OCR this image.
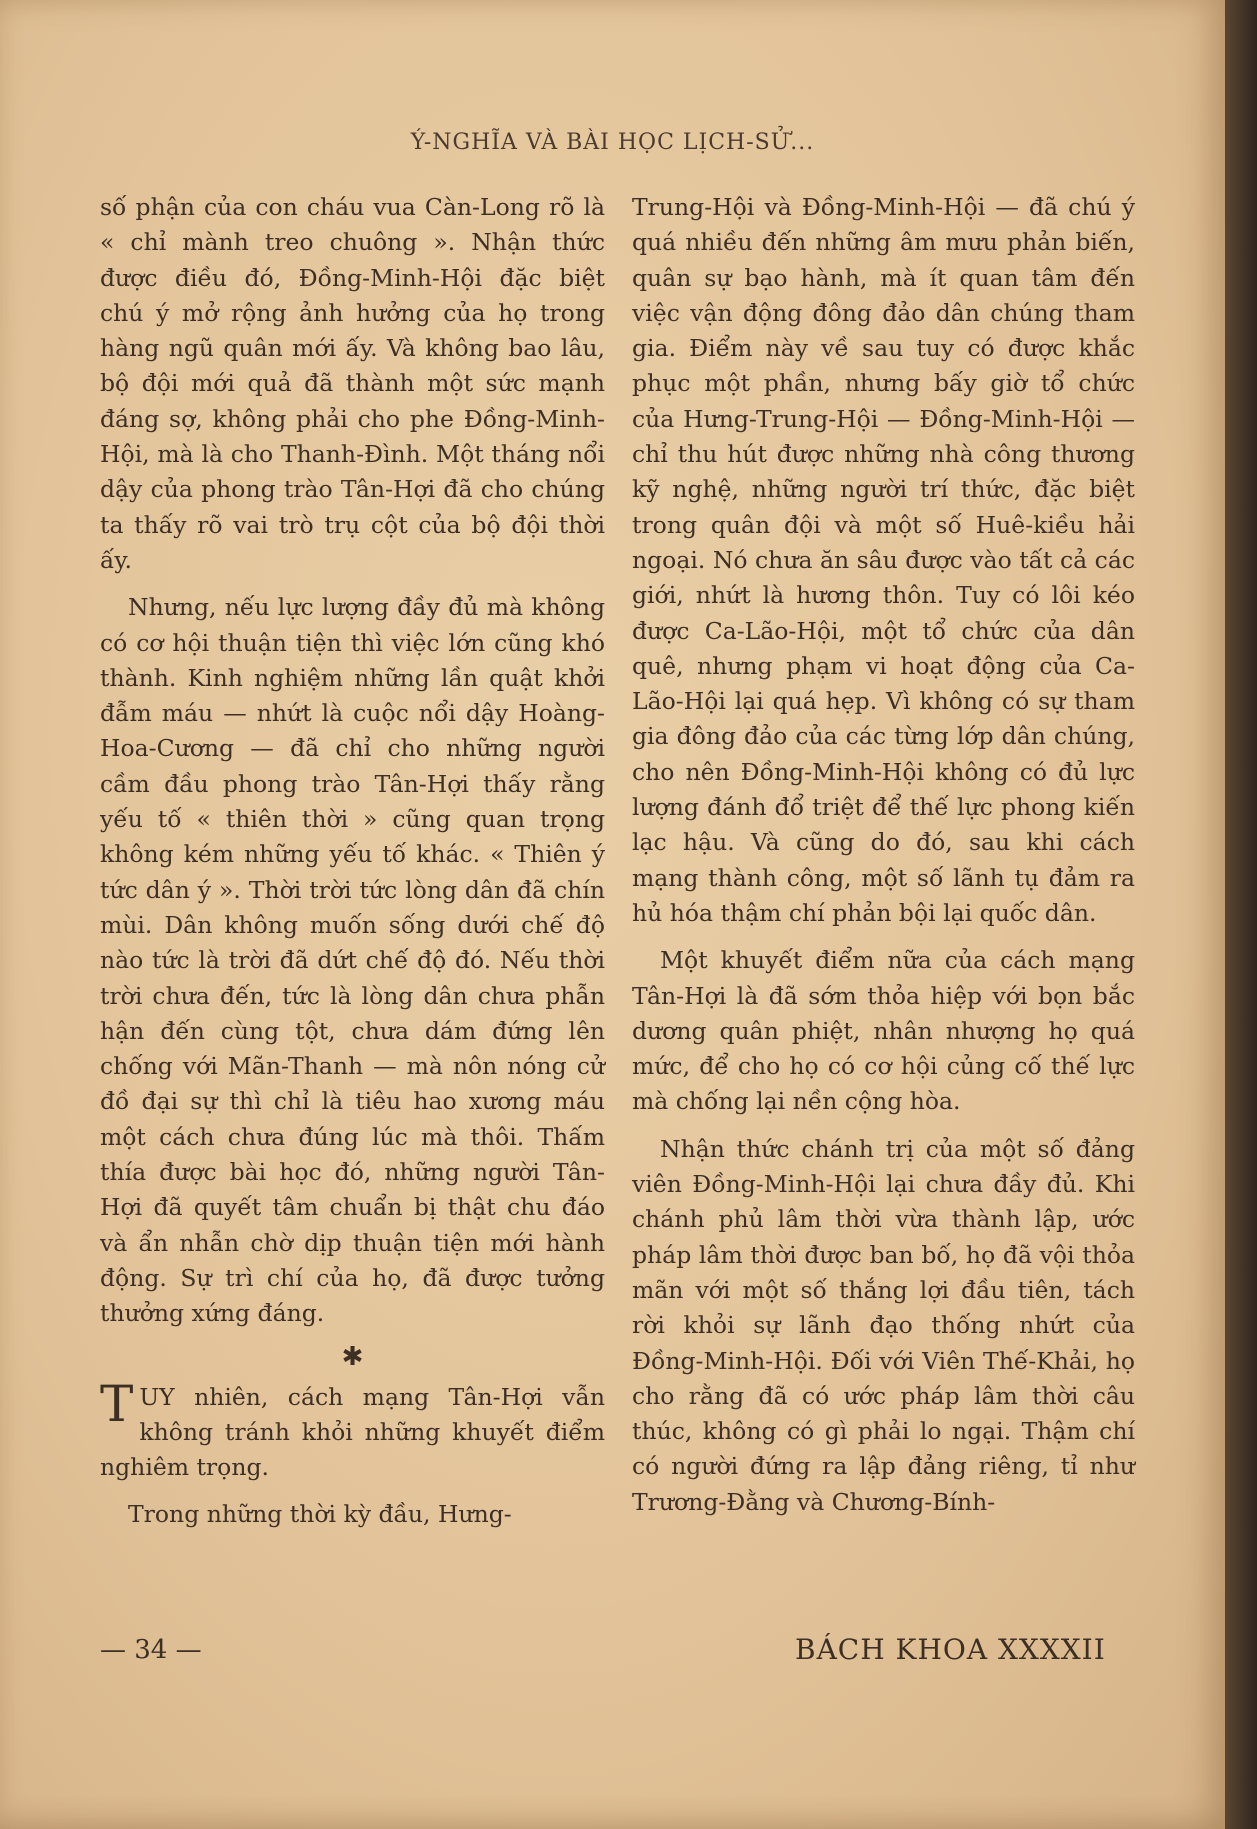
Ý-NGHĨA VÀ BÀI HỌC LỊCH-SỬ...

số phận của con cháu vua Càn-Long rõ là « chỉ mành treo chuông ». Nhận thức được điều đó, Đồng-Minh-Hội đặc biệt chú ý mở rộng ảnh hưởng của họ trong hàng ngũ quân mới ấy. Và không bao lâu, bộ đội mới quả đã thành một sức mạnh đáng sợ, không phải cho phe Đồng-Minh-Hội, mà là cho Thanh-Đình. Một tháng nổi dậy của phong trào Tân-Hợi đã cho chúng ta thấy rõ vai trò trụ cột của bộ đội thời ấy.

Nhưng, nếu lực lượng đầy đủ mà không có cơ hội thuận tiện thì việc lớn cũng khó thành. Kinh nghiệm những lần quật khởi đẫm máu — nhứt là cuộc nổi dậy Hoàng-Hoa-Cương — đã chỉ cho những người cầm đầu phong trào Tân-Hợi thấy rằng yếu tố « thiên thời » cũng quan trọng không kém những yếu tố khác. « Thiên ý tức dân ý ». Thời trời tức lòng dân đã chín mùi. Dân không muốn sống dưới chế độ nào tức là trời đã dứt chế độ đó. Nếu thời trời chưa đến, tức là lòng dân chưa phẫn hận đến cùng tột, chưa dám đứng lên chống với Mãn-Thanh — mà nôn nóng cử đồ đại sự thì chỉ là tiêu hao xương máu một cách chưa đúng lúc mà thôi. Thấm thía được bài học đó, những người Tân-Hợi đã quyết tâm chuẩn bị thật chu đáo và ẩn nhẫn chờ dịp thuận tiện mới hành động. Sự trì chí của họ, đã được tưởng thưởng xứng đáng.

✱

TUY nhiên, cách mạng Tân-Hợi vẫn không tránh khỏi những khuyết điểm nghiêm trọng.

Trong những thời kỳ đầu, Hưng-

Trung-Hội và Đồng-Minh-Hội — đã chú ý quá nhiều đến những âm mưu phản biến, quân sự bạo hành, mà ít quan tâm đến việc vận động đông đảo dân chúng tham gia. Điểm này về sau tuy có được khắc phục một phần, nhưng bấy giờ tổ chức của Hưng-Trung-Hội — Đồng-Minh-Hội — chỉ thu hút được những nhà công thương kỹ nghệ, những người trí thức, đặc biệt trong quân đội và một số Huê-kiều hải ngoại. Nó chưa ăn sâu được vào tất cả các giới, nhứt là hương thôn. Tuy có lôi kéo được Ca-Lão-Hội, một tổ chức của dân quê, nhưng phạm vi hoạt động của Ca-Lão-Hội lại quá hẹp. Vì không có sự tham gia đông đảo của các từng lớp dân chúng, cho nên Đồng-Minh-Hội không có đủ lực lượng đánh đổ triệt để thế lực phong kiến lạc hậu. Và cũng do đó, sau khi cách mạng thành công, một số lãnh tụ đảm ra hủ hóa thậm chí phản bội lại quốc dân.

Một khuyết điểm nữa của cách mạng Tân-Hợi là đã sớm thỏa hiệp với bọn bắc dương quân phiệt, nhân nhượng họ quá mức, để cho họ có cơ hội củng cố thế lực mà chống lại nền cộng hòa.

Nhận thức chánh trị của một số đảng viên Đồng-Minh-Hội lại chưa đầy đủ. Khi chánh phủ lâm thời vừa thành lập, ước pháp lâm thời được ban bố, họ đã vội thỏa mãn với một số thắng lợi đầu tiên, tách rời khỏi sự lãnh đạo thống nhứt của Đồng-Minh-Hội. Đối với Viên Thế-Khải, họ cho rằng đã có ước pháp lâm thời câu thúc, không có gì phải lo ngại. Thậm chí có người đứng ra lập đảng riêng, tỉ như Trương-Đằng và Chương-Bính-

— 34 —	BÁCH KHOA XXXXII
